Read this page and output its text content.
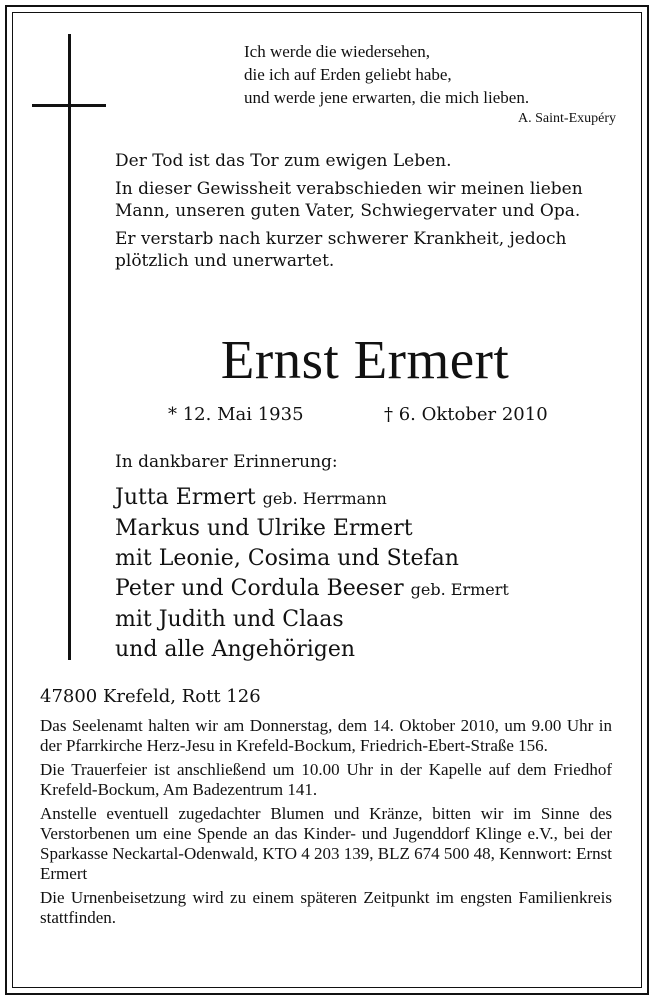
Ich werde die wiedersehen,
die ich auf Erden geliebt habe,
und werde jene erwarten, die mich lieben.
A. Saint-Exupéry

Der Tod ist das Tor zum ewigen Leben.

In dieser Gewissheit verabschieden wir meinen lieben Mann, unseren guten Vater, Schwiegervater und Opa.

Er verstarb nach kurzer schwerer Krankheit, jedoch plötzlich und unerwartet.

Ernst Ermert
* 12. Mai 1935	† 6. Oktober 2010
In dankbarer Erinnerung:
Jutta Ermert geb. Herrmann
Markus und Ulrike Ermert
mit Leonie, Cosima und Stefan
Peter und Cordula Beeser geb. Ermert
mit Judith und Claas
und alle Angehörigen
47800 Krefeld, Rott 126

Das Seelenamt halten wir am Donnerstag, dem 14. Oktober 2010, um 9.00 Uhr in der Pfarrkirche Herz-Jesu in Krefeld-Bockum, Friedrich-Ebert-Straße 156.

Die Trauerfeier ist anschließend um 10.00 Uhr in der Kapelle auf dem Friedhof Krefeld-Bockum, Am Badezentrum 141.

Anstelle eventuell zugedachter Blumen und Kränze, bitten wir im Sinne des Verstorbenen um eine Spende an das Kinder- und Jugenddorf Klinge e.V., bei der Sparkasse Neckartal-Odenwald, KTO 4 203 139, BLZ 674 500 48, Kennwort: Ernst Ermert

Die Urnenbeisetzung wird zu einem späteren Zeitpunkt im engsten Familienkreis stattfinden.
